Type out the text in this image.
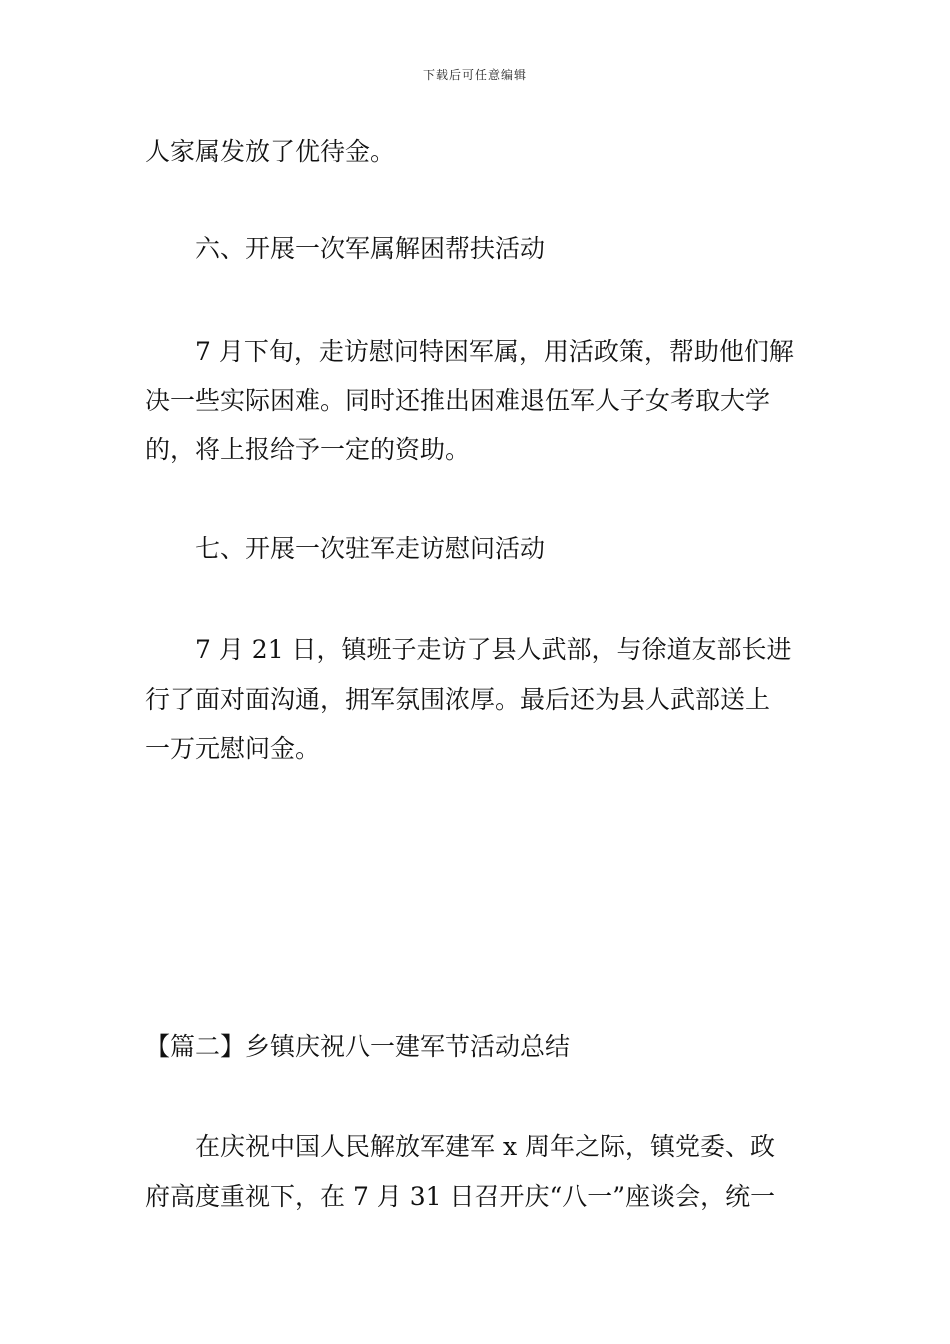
下载后可任意编辑
人家属发放了优待金。
六、开展一次军属解困帮扶活动
7 月下旬，走访慰问特困军属，用活政策，帮助他们解
决一些实际困难。同时还推出困难退伍军人子女考取大学
的，将上报给予一定的资助。
七、开展一次驻军走访慰问活动
7 月 21 日，镇班子走访了县人武部，与徐道友部长进
行了面对面沟通，拥军氛围浓厚。最后还为县人武部送上
一万元慰问金。
【篇二】乡镇庆祝八一建军节活动总结
在庆祝中国人民解放军建军 x 周年之际，镇党委、政
府高度重视下，在 7 月 31 日召开庆“八一”座谈会，统一
